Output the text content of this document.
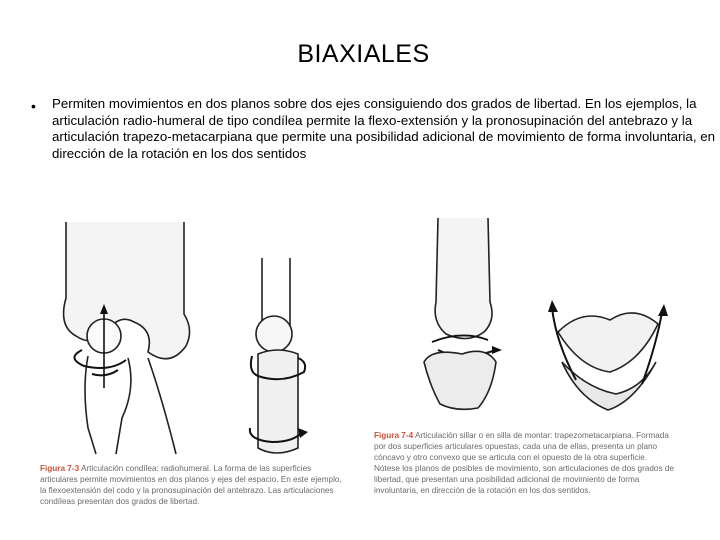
BIAXIALES
• Permiten movimientos en dos planos sobre dos ejes consiguiendo dos grados de libertad. En los ejemplos, la articulación radio-humeral de tipo condílea permite la flexo-extensión y la pronosupinación del antebrazo y la articulación trapezo-metacarpiana que permite una posibilidad adicional de movimiento de forma involuntaria, en dirección de la rotación en los dos sentidos
Figura 7-3 Articulación condílea: radiohumeral. La forma de las superficies articulares permite movimientos en dos planos y ejes del espacio. En este ejemplo, la flexoextensión del codo y la pronosupinación del antebrazo. Las articulaciones condíleas presentan dos grados de libertad.
Figura 7-4 Articulación sillar o en silla de montar: trapezometacarpiana. Formada por dos superficies articulares opuestas, cada una de ellas, presenta un plano cóncavo y otro convexo que se articula con el opuesto de la otra superficie. Nótese los planos de posibles de movimiento, son articulaciones de dos grados de libertad, que presentan una posibilidad adicional de movimiento de forma involuntaria, en dirección de la rotación en los dos sentidos.
